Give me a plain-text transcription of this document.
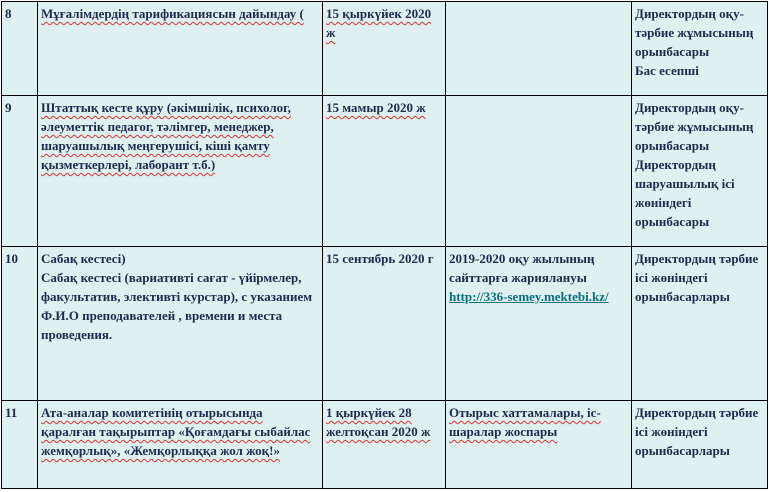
8	Мұғалімдердің тарификациясын дайындау (	15 қыркүйек 2020 ж		Директордың оқу-тәрбие жұмысының орынбасары
Бас есепші

9	Штаттық кесте құру (әкімшілік, психолог, әлеуметтік педагог, тәлімгер, менеджер, шаруашылық меңгерушісі, кіші қамту қызметкерлері, лаборант т.б.)	15 мамыр 2020 ж		Директордың оқу-тәрбие жұмысының орынбасары
Директордың шаруашылық ісі жөніндегі орынбасары

10	Сабақ кестесі)
Сабақ кестесі (вариативті сағат - үйірмелер, факультатив, элективті курстар), с указанием Ф.И.О преподавателей , времени и места проведения.	15 сентябрь 2020 г	2019-2020 оқу жылының сайттарға жариялануы
http://336-semey.mektebi.kz/	Директордың тәрбие ісі жөніндегі орынбасарлары

11	Ата-аналар комитетінің отырысында қаралған тақырыптар «Қоғамдағы сыбайлас жемқорлық», «Жемқорлыққа жол жоқ!»	1 қыркүйек 28 желтоқсан 2020 ж	Отырыс хаттамалары, іс-шаралар жоспары	Директордың тәрбие ісі жөніндегі орынбасарлары
